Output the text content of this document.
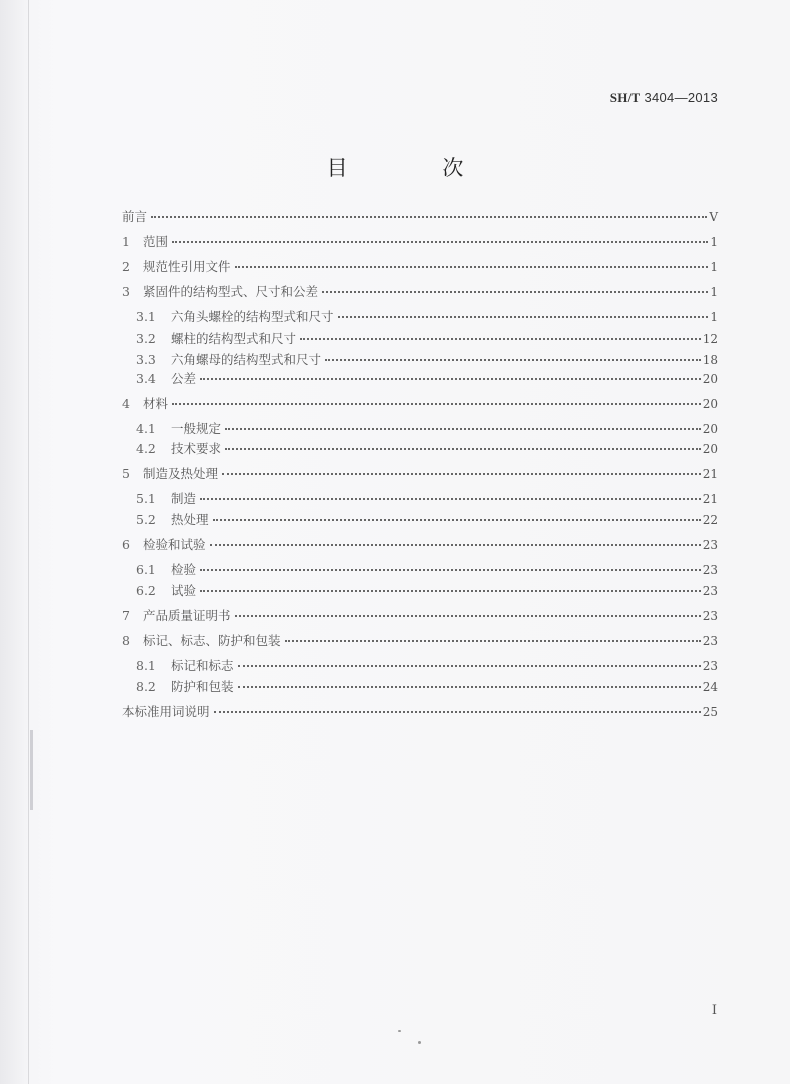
SH/T 3404—2013
目 次
前言	V
1 范围	1
2 规范性引用文件	1
3 紧固件的结构型式、尺寸和公差	1
3.1 六角头螺栓的结构型式和尺寸	1
3.2 螺柱的结构型式和尺寸	12
3.3 六角螺母的结构型式和尺寸	18
3.4 公差	20
4 材料	20
4.1 一般规定	20
4.2 技术要求	20
5 制造及热处理	21
5.1 制造	21
5.2 热处理	22
6 检验和试验	23
6.1 检验	23
6.2 试验	23
7 产品质量证明书	23
8 标记、标志、防护和包装	23
8.1 标记和标志	23
8.2 防护和包装	24
本标准用词说明	25
I
